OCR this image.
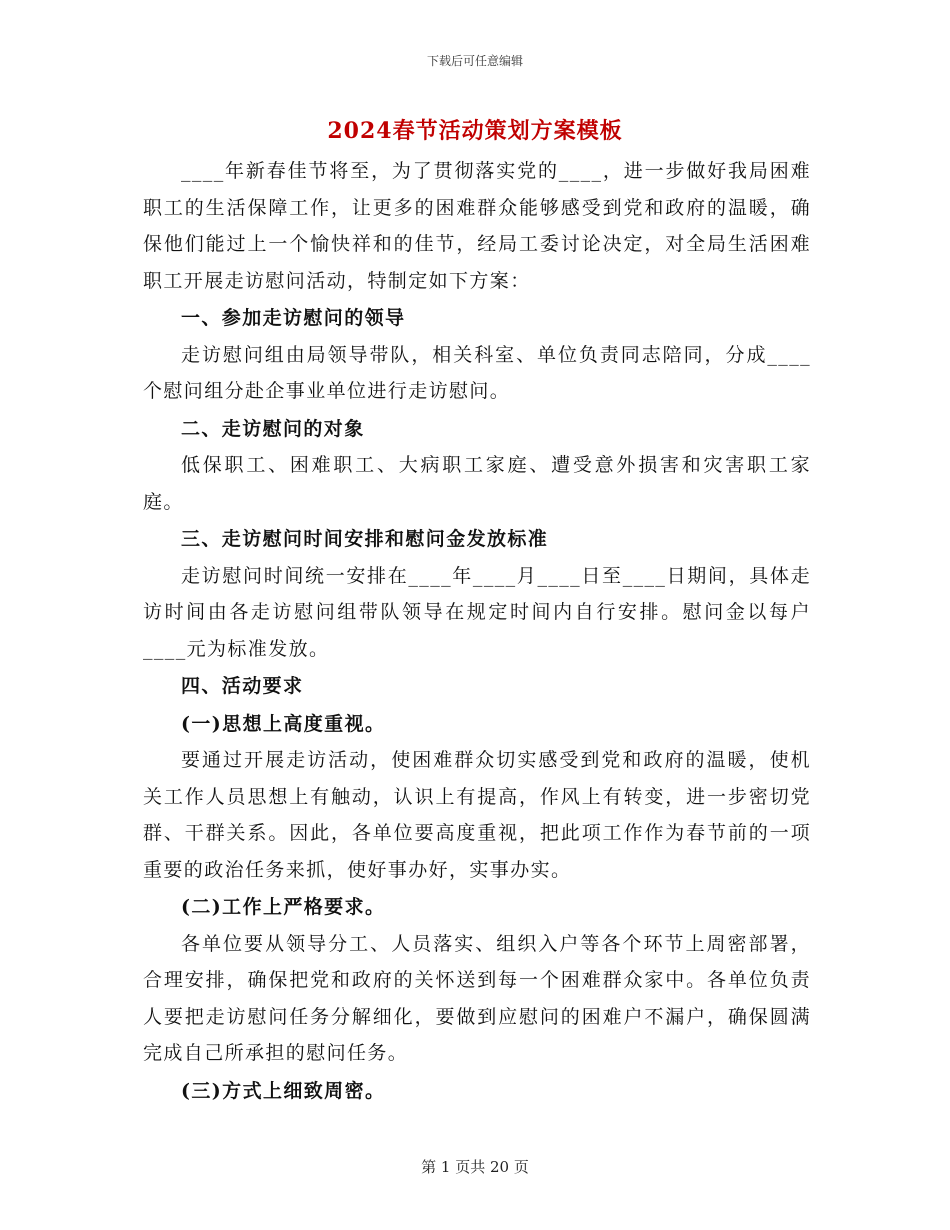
下载后可任意编辑
2024春节活动策划方案模板

____年新春佳节将至，为了贯彻落实党的____，进一步做好我局困难职工的生活保障工作，让更多的困难群众能够感受到党和政府的温暖，确保他们能过上一个愉快祥和的佳节，经局工委讨论决定，对全局生活困难职工开展走访慰问活动，特制定如下方案：

一、参加走访慰问的领导

走访慰问组由局领导带队，相关科室、单位负责同志陪同，分成____个慰问组分赴企事业单位进行走访慰问。

二、走访慰问的对象

低保职工、困难职工、大病职工家庭、遭受意外损害和灾害职工家庭。

三、走访慰问时间安排和慰问金发放标准

走访慰问时间统一安排在____年____月____日至____日期间，具体走访时间由各走访慰问组带队领导在规定时间内自行安排。慰问金以每户____元为标准发放。

四、活动要求

(一)思想上高度重视。

要通过开展走访活动，使困难群众切实感受到党和政府的温暖，使机关工作人员思想上有触动，认识上有提高，作风上有转变，进一步密切党群、干群关系。因此，各单位要高度重视，把此项工作作为春节前的一项重要的政治任务来抓，使好事办好，实事办实。

(二)工作上严格要求。

各单位要从领导分工、人员落实、组织入户等各个环节上周密部署，合理安排，确保把党和政府的关怀送到每一个困难群众家中。各单位负责人要把走访慰问任务分解细化，要做到应慰问的困难户不漏户，确保圆满完成自己所承担的慰问任务。

(三)方式上细致周密。

第 1 页共 20 页
